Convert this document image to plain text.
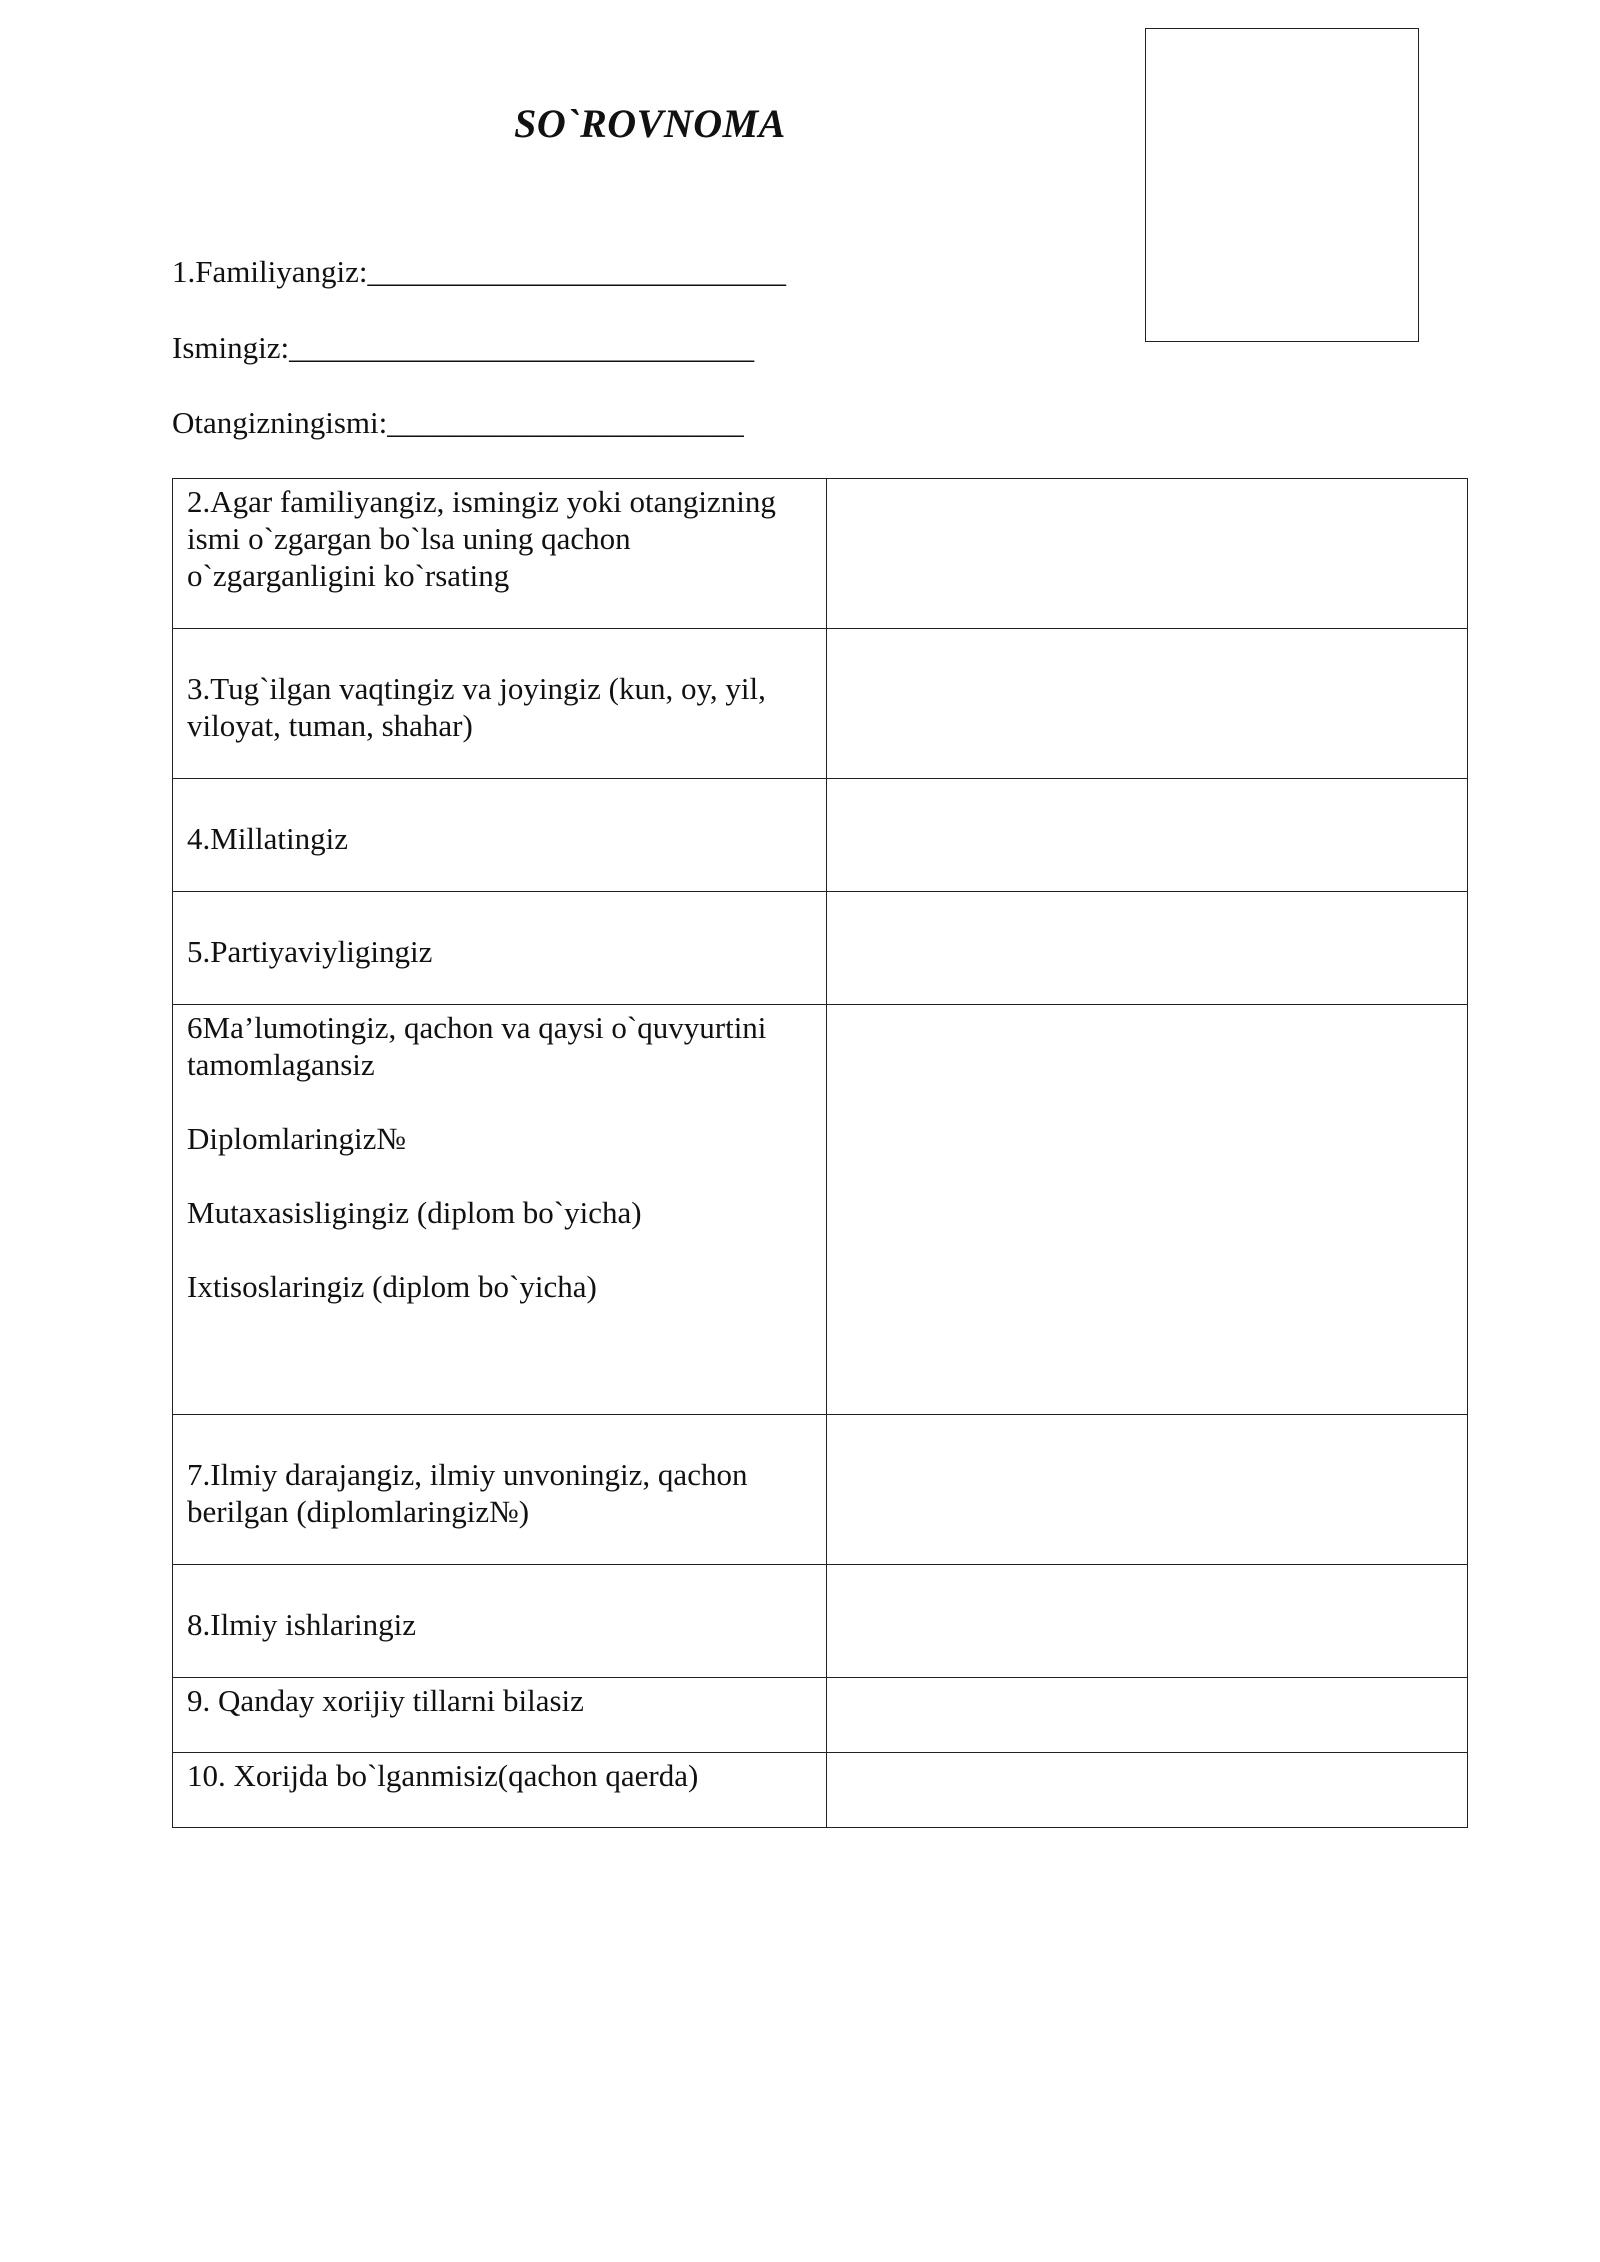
SO`ROVNOMA
1.Familiyangiz:___________________________
Ismingiz:______________________________
Otangizningismi:_______________________
2.Agar familiyangiz, ismingiz yoki otangizning
ismi o`zgargan bo`lsa uning qachon
o`zgarganligini ko`rsating	

3.Tug`ilgan vaqtingiz va joyingiz (kun, oy, yil,
viloyat, tuman, shahar)	

4.Millatingiz	

5.Partiyaviyligingiz	

6Ma’lumotingiz, qachon va qaysi o`quvyurtini
tamomlagansiz
Diplomlaringiz№
Mutaxasisligingiz (diplom bo`yicha)
Ixtisoslaringiz (diplom bo`yicha)	

7.Ilmiy darajangiz, ilmiy unvoningiz, qachon
berilgan (diplomlaringiz№)	

8.Ilmiy ishlaringiz	

9. Qanday xorijiy tillarni bilasiz	

10. Xorijda bo`lganmisiz(qachon qaerda)	
